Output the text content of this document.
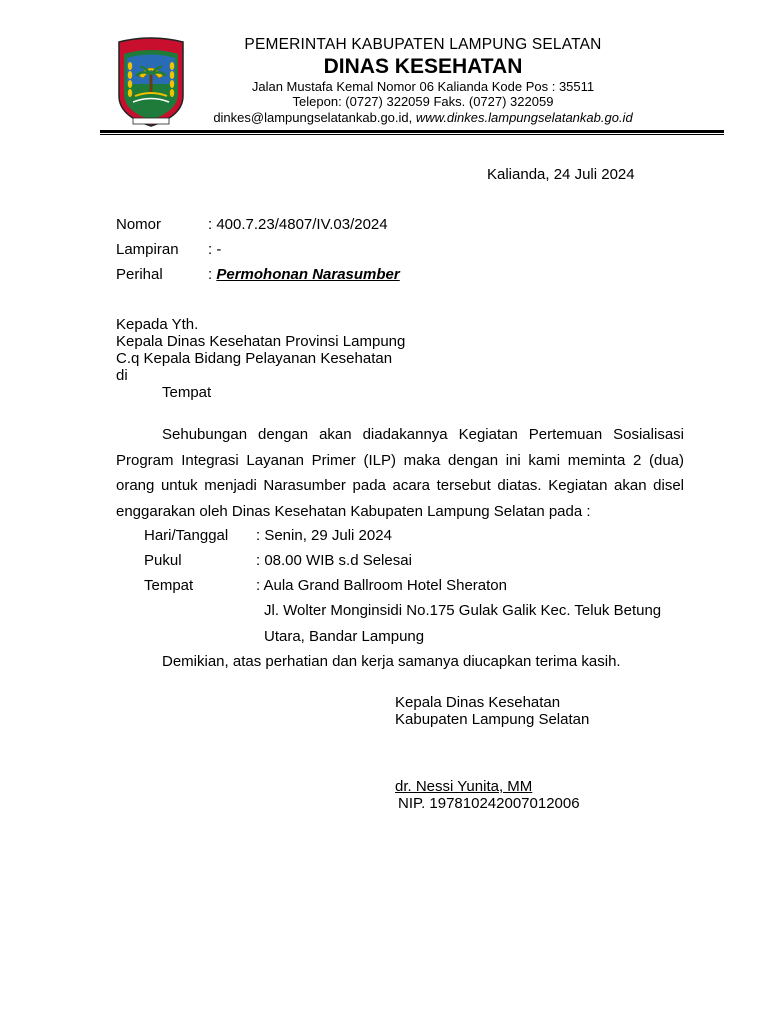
PEMERINTAH KABUPATEN LAMPUNG SELATAN
DINAS KESEHATAN
Jalan Mustafa Kemal Nomor 06 Kalianda Kode Pos : 35511
Telepon: (0727) 322059 Faks. (0727) 322059
dinkes@lampungselatankab.go.id, www.dinkes.lampungselatankab.go.id
Kalianda, 24 Juli 2024
Nomor	: 400.7.23/4807/IV.03/2024
Lampiran : -
Perihal	: Permohonan Narasumber
Kepada Yth.
Kepala Dinas Kesehatan Provinsi Lampung
C.q Kepala Bidang Pelayanan Kesehatan
di
Tempat
Sehubungan dengan akan diadakannya Kegiatan Pertemuan Sosialisasi Program Integrasi Layanan Primer (ILP) maka dengan ini kami meminta 2 (dua) orang untuk menjadi Narasumber pada acara tersebut diatas. Kegiatan akan disel enggarakan oleh Dinas Kesehatan Kabupaten Lampung Selatan pada :
Hari/Tanggal : Senin, 29 Juli 2024
Pukul	: 08.00 WIB s.d Selesai
Tempat	: Aula Grand Ballroom Hotel Sheraton
Jl. Wolter Monginsidi No.175 Gulak Galik Kec. Teluk Betung
Utara, Bandar Lampung
Demikian, atas perhatian dan kerja samanya diucapkan terima kasih.
Kepala Dinas Kesehatan
Kabupaten Lampung Selatan
dr. Nessi Yunita, MM
NIP. 197810242007012006
